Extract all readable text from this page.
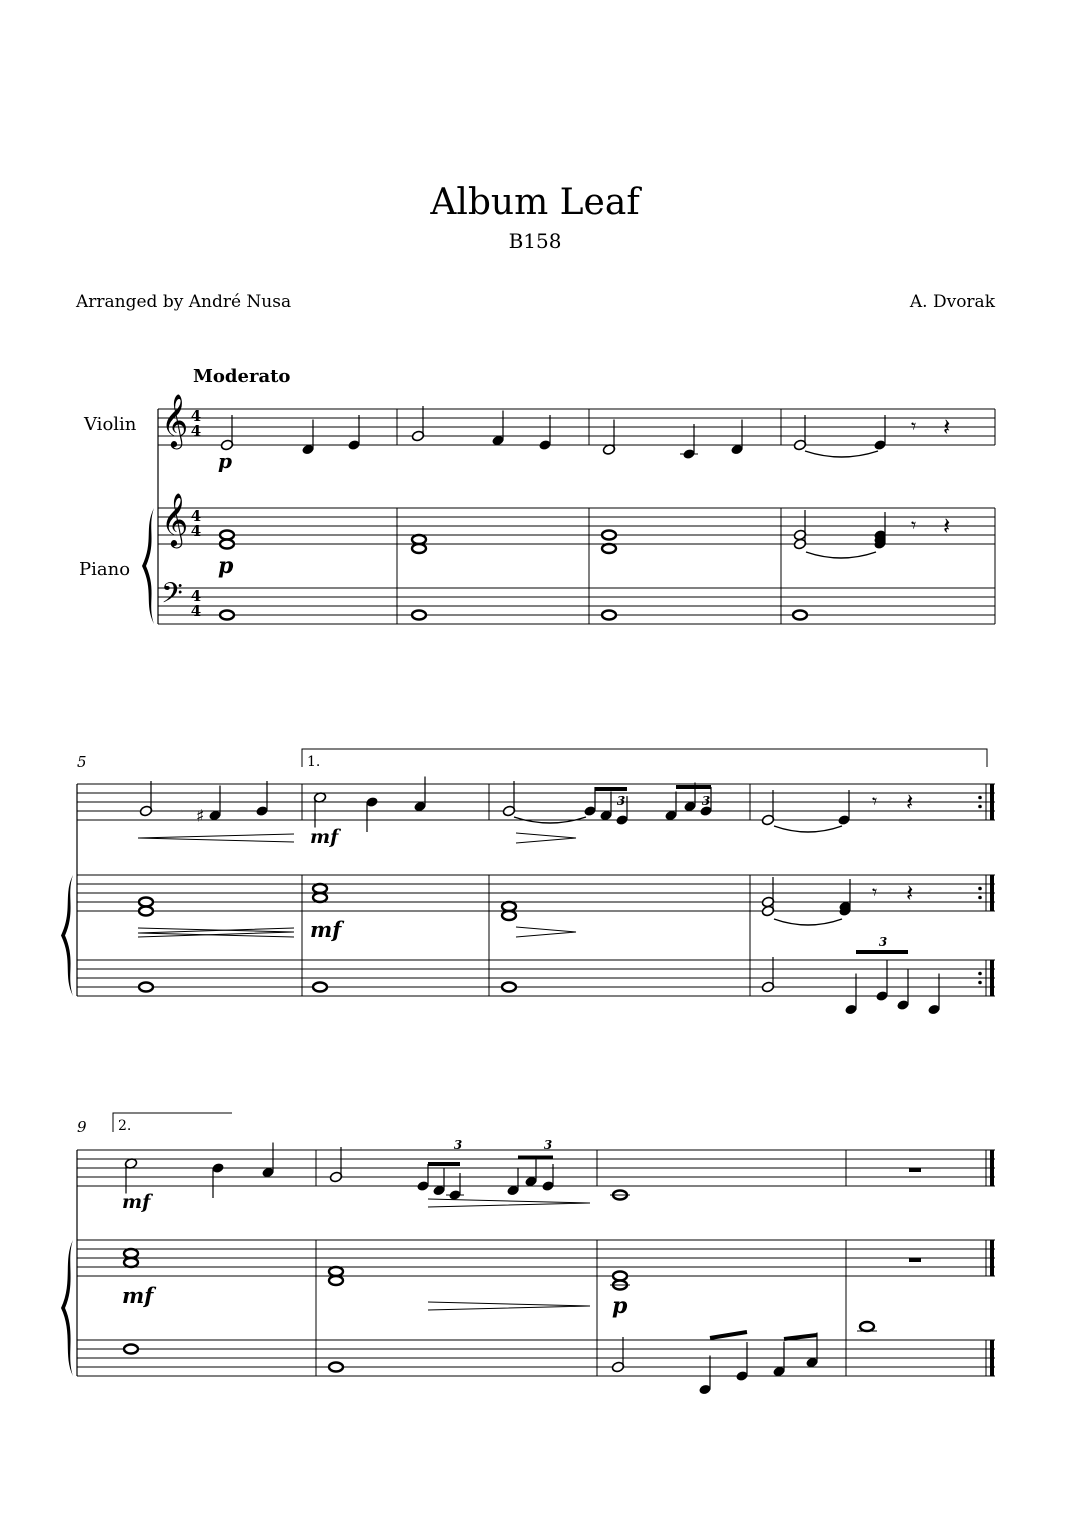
Album Leaf
B158
Arranged by André Nusa	A. Dvorak
Moderato
Violin
Piano
𝄞
𝄞
𝄢
𝄾 𝄽
𝄾 𝄽
♯
𝄾 𝄽
𝄾 𝄽
4
4
4
4
4
4
5
9
1.
2.
p
p
mf
mf
mf
mf	p
3	3
3
3	3
